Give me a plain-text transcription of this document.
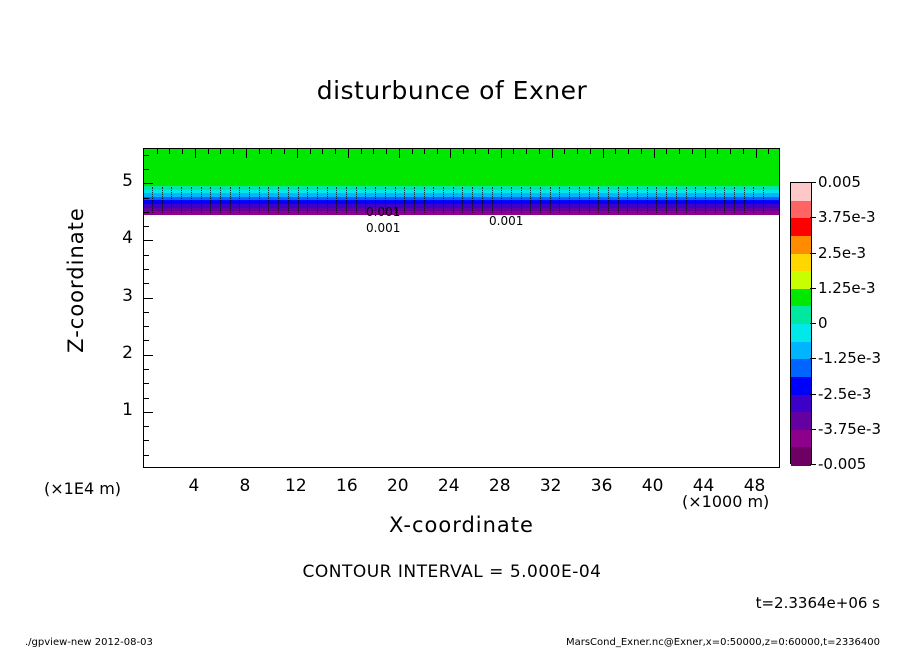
disturbunce of Exner
0.001
0.001	0.001
1
2
3
4
5
4	8	12	16	20	24	28	32	36	40	44	48
Z-coordinate
X-coordinate
(×1E4 m)
(×1000 m)
0.005
3.75e-3
2.5e-3
1.25e-3
0
-1.25e-3
-2.5e-3
-3.75e-3
-0.005
CONTOUR INTERVAL = 5.000E-04
t=2.3364e+06 s
./gpview-new 2012-08-03	MarsCond_Exner.nc@Exner,x=0:50000,z=0:60000,t=2336400
